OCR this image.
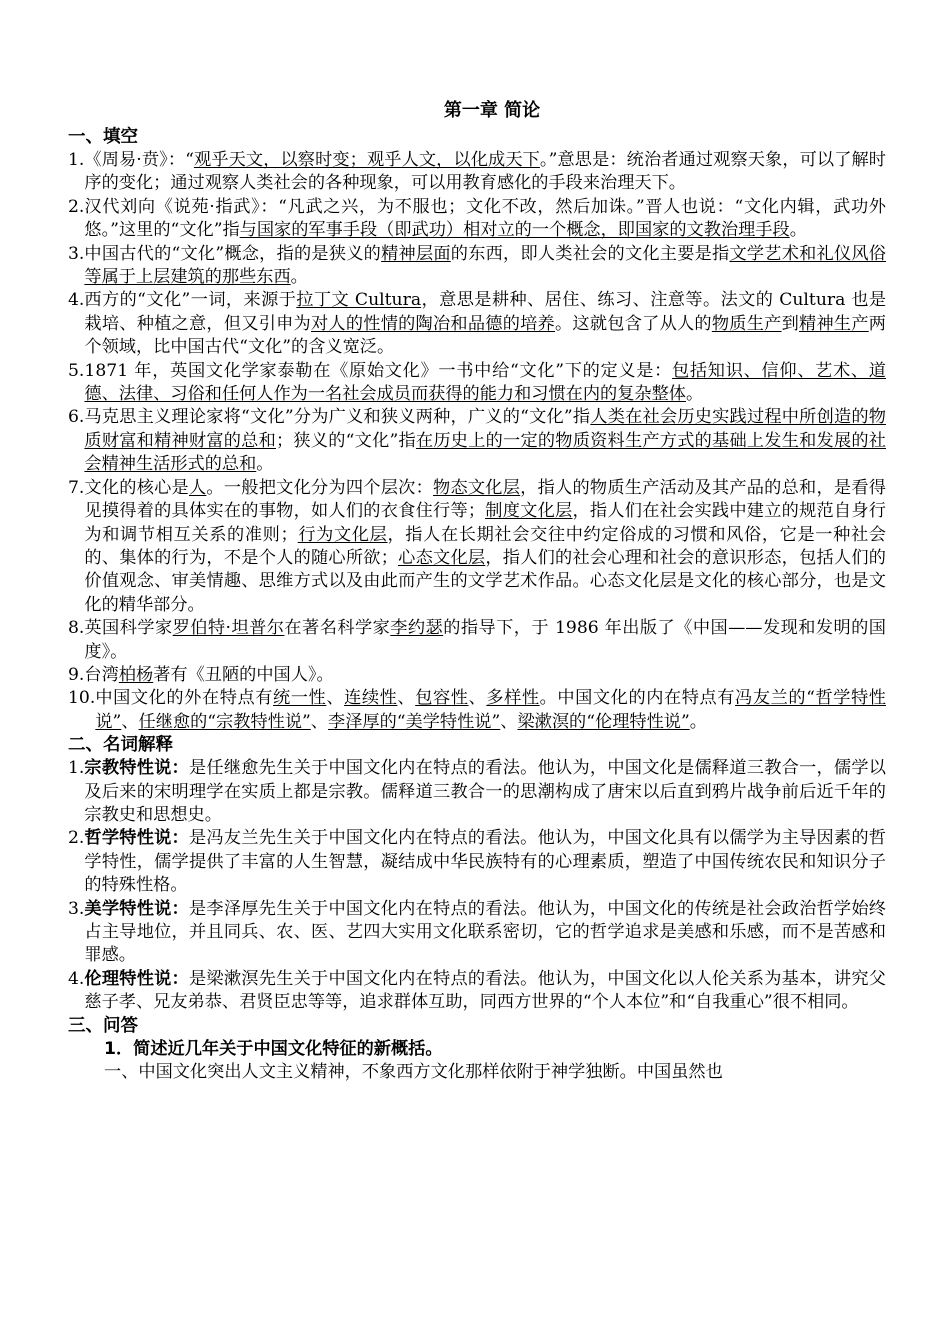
第一章 简论
一、填空
1. 《周易·贲》：“观乎天文，以察时变；观乎人文，以化成天下。”意思是：统治者通过观察天象，可以了解时序的变化；通过观察人类社会的各种现象，可以用教育感化的手段来治理天下。
2. 汉代刘向《说苑·指武》：“凡武之兴，为不服也；文化不改，然后加诛。”晋人也说：“文化内辑，武功外悠。”这里的“文化”指与国家的军事手段（即武功）相对立的一个概念，即国家的文教治理手段。
3. 中国古代的“文化”概念，指的是狭义的精神层面的东西，即人类社会的文化主要是指文学艺术和礼仪风俗等属于上层建筑的那些东西。
4. 西方的“文化”一词，来源于拉丁文 Cultura，意思是耕种、居住、练习、注意等。法文的 Cultura 也是栽培、种植之意，但又引申为对人的性情的陶冶和品德的培养。这就包含了从人的物质生产到精神生产两个领域，比中国古代“文化”的含义宽泛。
5. 1871 年，英国文化学家泰勒在《原始文化》一书中给“文化”下的定义是：包括知识、信仰、艺术、道德、法律、习俗和任何人作为一名社会成员而获得的能力和习惯在内的复杂整体。
6. 马克思主义理论家将“文化”分为广义和狭义两种，广义的“文化”指人类在社会历史实践过程中所创造的物质财富和精神财富的总和；狭义的“文化”指在历史上的一定的物质资料生产方式的基础上发生和发展的社会精神生活形式的总和。
7. 文化的核心是人。一般把文化分为四个层次：物态文化层，指人的物质生产活动及其产品的总和，是看得见摸得着的具体实在的事物，如人们的衣食住行等；制度文化层，指人们在社会实践中建立的规范自身行为和调节相互关系的准则；行为文化层，指人在长期社会交往中约定俗成的习惯和风俗，它是一种社会的、集体的行为，不是个人的随心所欲；心态文化层，指人们的社会心理和社会的意识形态，包括人们的价值观念、审美情趣、思维方式以及由此而产生的文学艺术作品。心态文化层是文化的核心部分，也是文化的精华部分。
8. 英国科学家罗伯特·坦普尔在著名科学家李约瑟的指导下，于 1986 年出版了《中国——发现和发明的国度》。
9. 台湾柏杨著有《丑陋的中国人》。
10. 中国文化的外在特点有统一性、连续性、包容性、多样性。中国文化的内在特点有冯友兰的“哲学特性说”、任继愈的“宗教特性说”、李泽厚的“美学特性说”、梁漱溟的“伦理特性说”。
二、名词解释
1. 宗教特性说：是任继愈先生关于中国文化内在特点的看法。他认为，中国文化是儒释道三教合一，儒学以及后来的宋明理学在实质上都是宗教。儒释道三教合一的思潮构成了唐宋以后直到鸦片战争前后近千年的宗教史和思想史。
2. 哲学特性说：是冯友兰先生关于中国文化内在特点的看法。他认为，中国文化具有以儒学为主导因素的哲学特性，儒学提供了丰富的人生智慧，凝结成中华民族特有的心理素质，塑造了中国传统农民和知识分子的特殊性格。
3. 美学特性说：是李泽厚先生关于中国文化内在特点的看法。他认为，中国文化的传统是社会政治哲学始终占主导地位，并且同兵、农、医、艺四大实用文化联系密切，它的哲学追求是美感和乐感，而不是苦感和罪感。
4. 伦理特性说：是梁漱溟先生关于中国文化内在特点的看法。他认为，中国文化以人伦关系为基本，讲究父慈子孝、兄友弟恭、君贤臣忠等等，追求群体互助，同西方世界的“个人本位”和“自我重心”很不相同。
三、问答
1．简述近几年关于中国文化特征的新概括。
一、中国文化突出人文主义精神，不象西方文化那样依附于神学独断。中国虽然也
